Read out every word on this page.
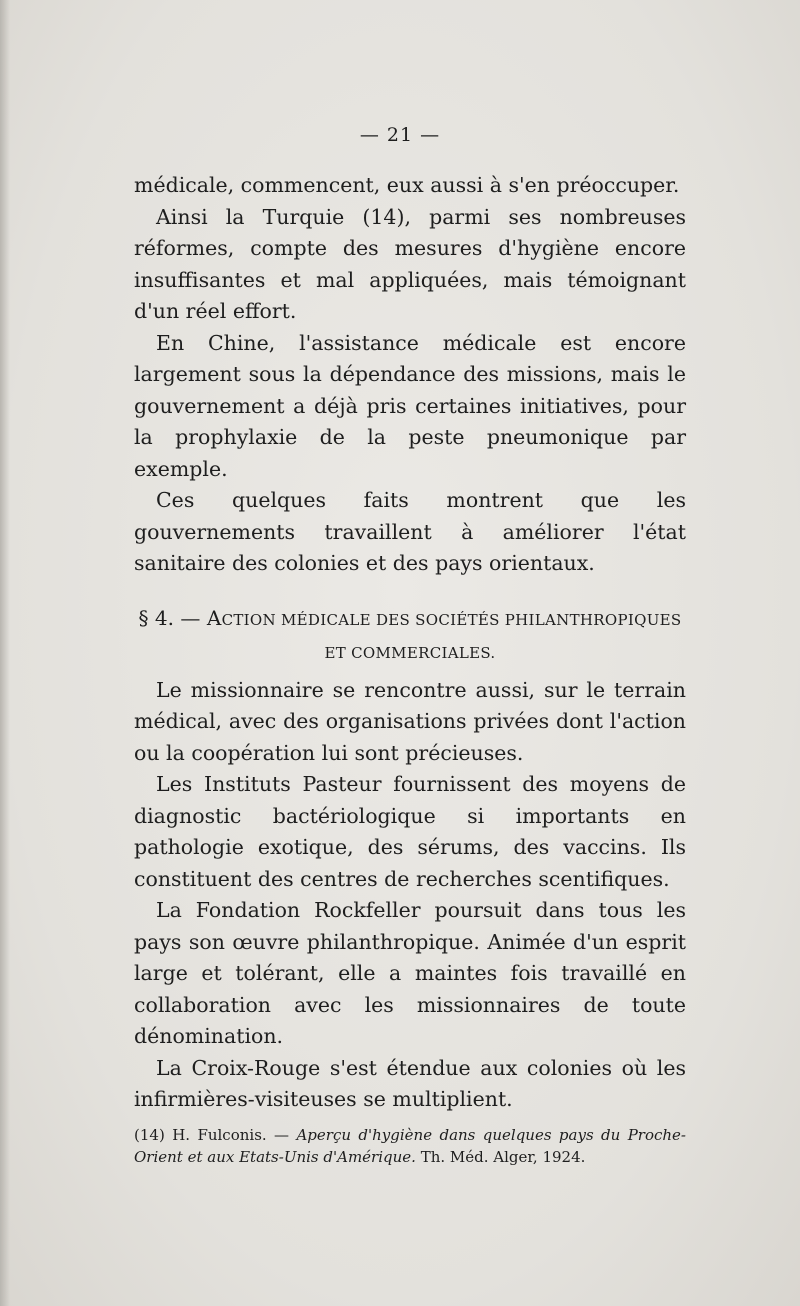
— 21 —

médicale, commencent, eux aussi à s'en préoccuper.

Ainsi la Turquie (14), parmi ses nombreuses réformes, compte des mesures d'hygiène encore insuffisantes et mal appliquées, mais témoignant d'un réel effort.

En Chine, l'assistance médicale est encore largement sous la dépendance des missions, mais le gouvernement a déjà pris certaines initiatives, pour la prophylaxie de la peste pneumonique par exemple.

Ces quelques faits montrent que les gouvernements travaillent à améliorer l'état sanitaire des colonies et des pays orientaux.

§ 4. — ACTION MÉDICALE DES SOCIÉTÉS PHILANTHROPIQUES
ET COMMERCIALES.

Le missionnaire se rencontre aussi, sur le terrain médical, avec des organisations privées dont l'action ou la coopération lui sont précieuses.

Les Instituts Pasteur fournissent des moyens de diagnostic bactériologique si importants en pathologie exotique, des sérums, des vaccins. Ils constituent des centres de recherches scentifiques.

La Fondation Rockfeller poursuit dans tous les pays son œuvre philanthropique. Animée d'un esprit large et tolérant, elle a maintes fois travaillé en collaboration avec les missionnaires de toute dénomination.

La Croix-Rouge s'est étendue aux colonies où les infirmières-visiteuses se multiplient.

(14) H. Fulconis. — Aperçu d'hygiène dans quelques pays du Proche-Orient et aux Etats-Unis d'Amérique. Th. Méd. Alger, 1924.
